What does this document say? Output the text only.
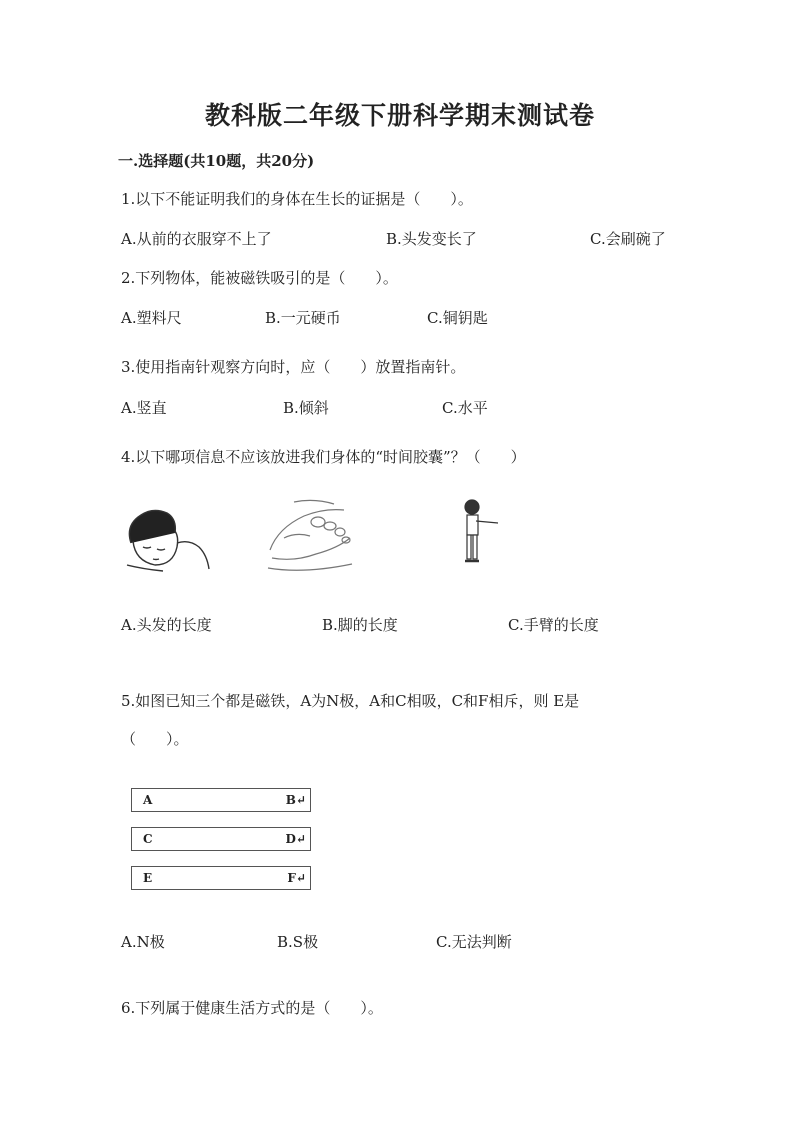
教科版二年级下册科学期末测试卷
一.选择题(共10题，共20分)
1.以下不能证明我们的身体在生长的证据是（　　）。
A.从前的衣服穿不上了	B.头发变长了	C.会刷碗了
2.下列物体，能被磁铁吸引的是（　　）。
A.塑料尺	B.一元硬币	C.铜钥匙
3.使用指南针观察方向时，应（　　）放置指南针。
A.竖直	B.倾斜	C.水平
4.以下哪项信息不应该放进我们身体的“时间胶囊”？（　　）
A.头发的长度	B.脚的长度	C.手臂的长度
5.如图已知三个都是磁铁，A为N极，A和C相吸，C和F相斥，则 E是
（　　）。
A	B↵
C	D↵
E	F↵
A.N极	B.S极	C.无法判断
6.下列属于健康生活方式的是（　　）。
